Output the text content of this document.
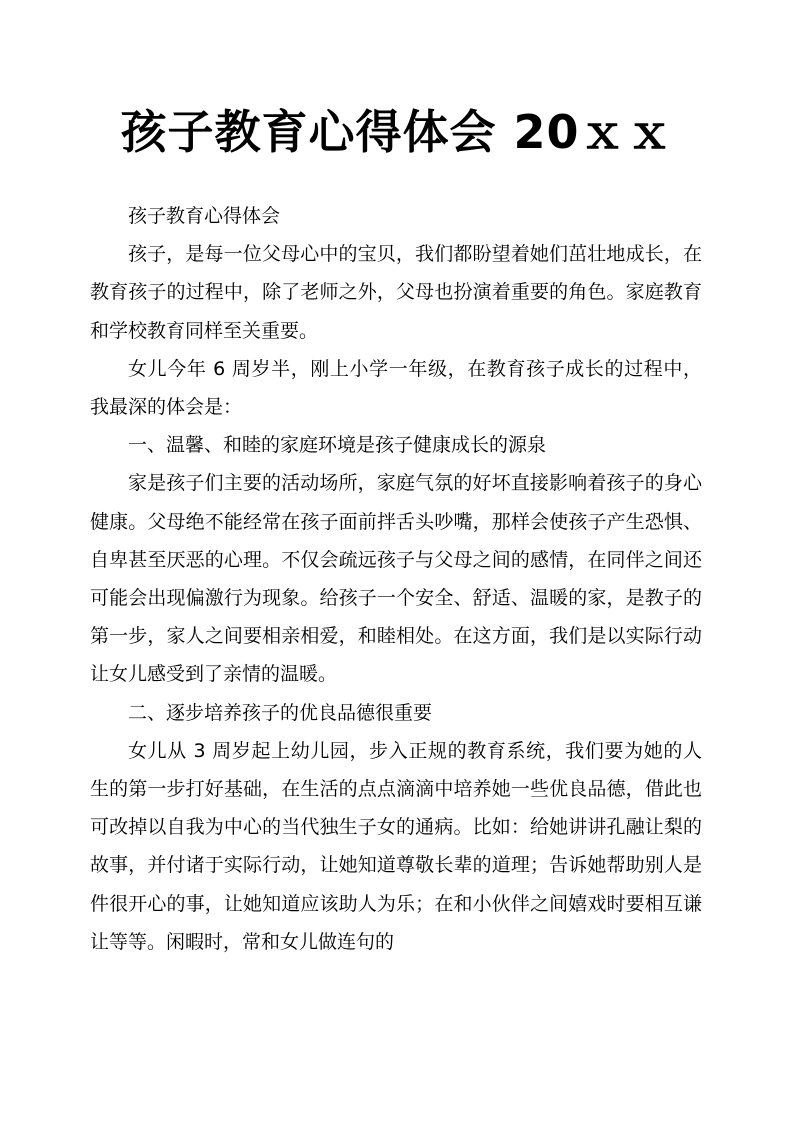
孩子教育心得体会 20ｘｘ

孩子教育心得体会

孩子，是每一位父母心中的宝贝，我们都盼望着她们茁壮地成长，在教育孩子的过程中，除了老师之外，父母也扮演着重要的角色。家庭教育和学校教育同样至关重要。

女儿今年 6 周岁半，刚上小学一年级，在教育孩子成长的过程中，我最深的体会是：

一、温馨、和睦的家庭环境是孩子健康成长的源泉

家是孩子们主要的活动场所，家庭气氛的好坏直接影响着孩子的身心健康。父母绝不能经常在孩子面前拌舌头吵嘴，那样会使孩子产生恐惧、自卑甚至厌恶的心理。不仅会疏远孩子与父母之间的感情，在同伴之间还可能会出现偏激行为现象。给孩子一个安全、舒适、温暖的家，是教子的第一步，家人之间要相亲相爱，和睦相处。在这方面，我们是以实际行动让女儿感受到了亲情的温暖。

二、逐步培养孩子的优良品德很重要

女儿从 3 周岁起上幼儿园，步入正规的教育系统，我们要为她的人生的第一步打好基础，在生活的点点滴滴中培养她一些优良品德，借此也可改掉以自我为中心的当代独生子女的通病。比如：给她讲讲孔融让梨的故事，并付诸于实际行动，让她知道尊敬长辈的道理；告诉她帮助别人是件很开心的事，让她知道应该助人为乐；在和小伙伴之间嬉戏时要相互谦让等等。闲暇时，常和女儿做连句的
